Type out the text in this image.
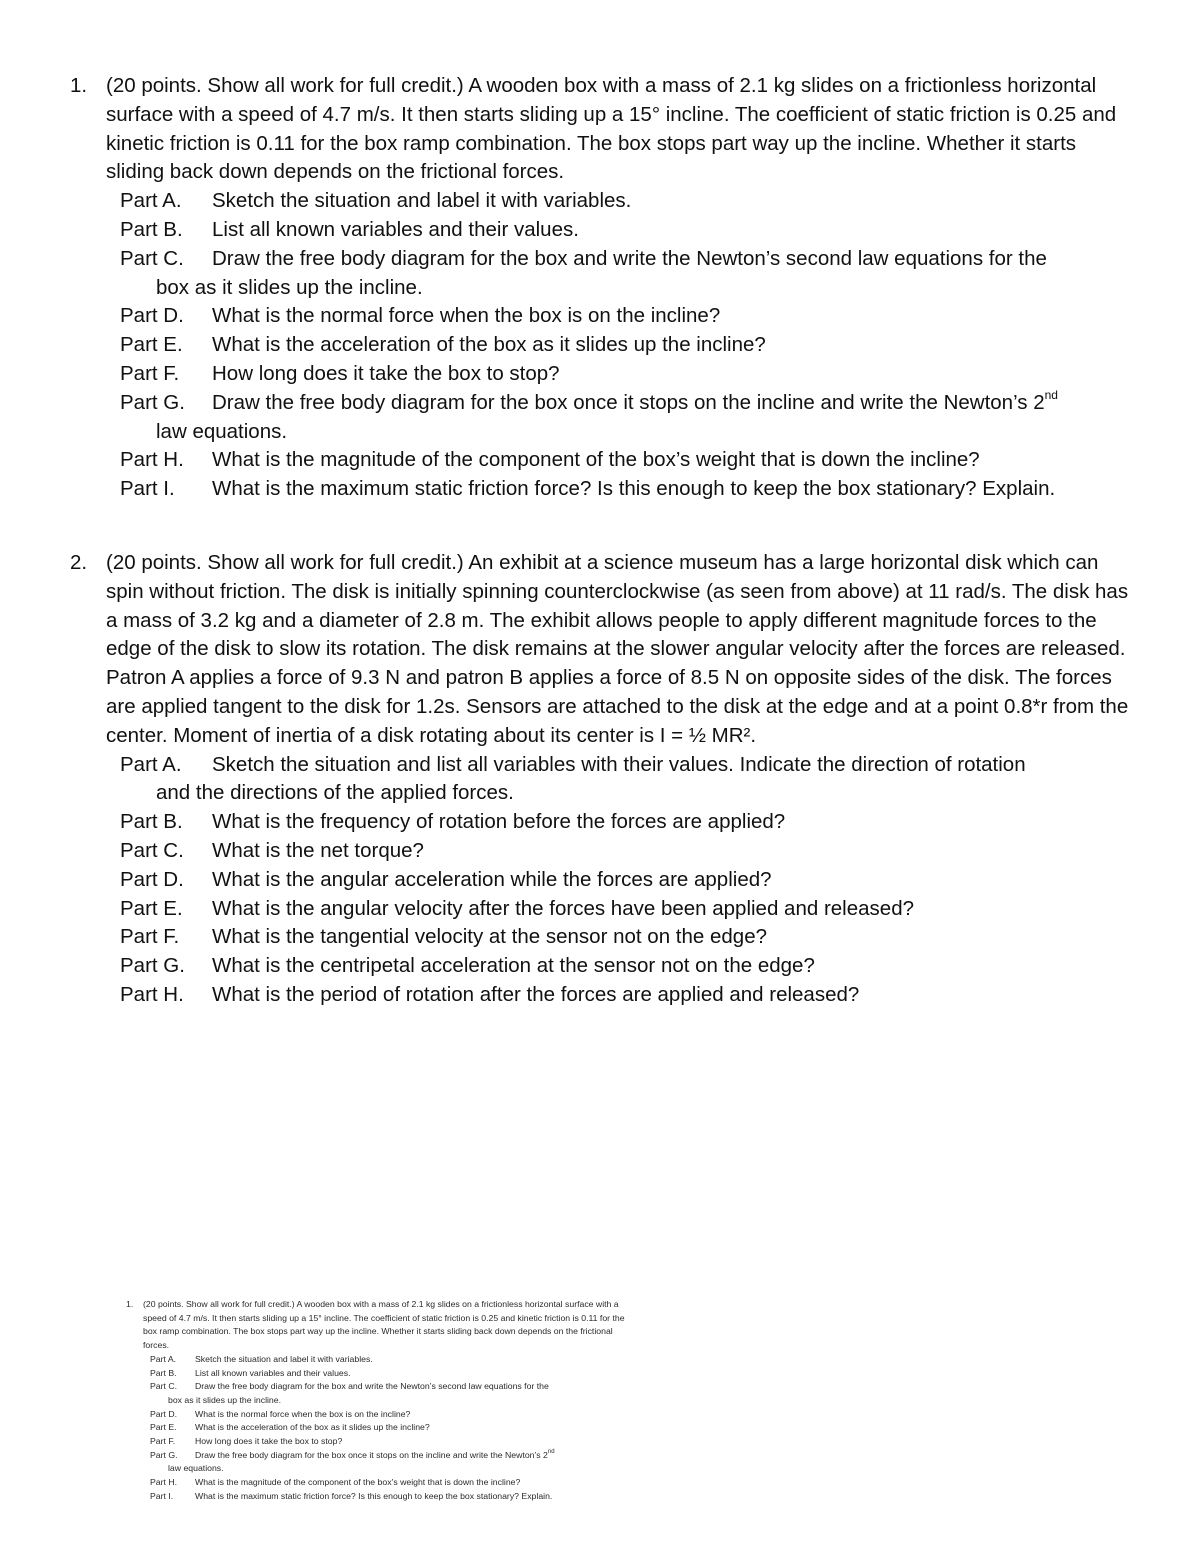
1. (20 points. Show all work for full credit.) A wooden box with a mass of 2.1 kg slides on a frictionless horizontal surface with a speed of 4.7 m/s. It then starts sliding up a 15° incline. The coefficient of static friction is 0.25 and kinetic friction is 0.11 for the box ramp combination. The box stops part way up the incline. Whether it starts sliding back down depends on the frictional forces.
Part A.	Sketch the situation and label it with variables.
Part B.	List all known variables and their values.
Part C.	Draw the free body diagram for the box and write the Newton’s second law equations for the
box as it slides up the incline.
Part D.	What is the normal force when the box is on the incline?
Part E.	What is the acceleration of the box as it slides up the incline?
Part F.	How long does it take the box to stop?
Part G.	Draw the free body diagram for the box once it stops on the incline and write the Newton’s 2nd
law equations.
Part H.	What is the magnitude of the component of the box’s weight that is down the incline?
Part I.	What is the maximum static friction force? Is this enough to keep the box stationary? Explain.
2. (20 points. Show all work for full credit.) An exhibit at a science museum has a large horizontal disk which can spin without friction. The disk is initially spinning counterclockwise (as seen from above) at 11 rad/s. The disk has a mass of 3.2 kg and a diameter of 2.8 m. The exhibit allows people to apply different magnitude forces to the edge of the disk to slow its rotation. The disk remains at the slower angular velocity after the forces are released. Patron A applies a force of 9.3 N and patron B applies a force of 8.5 N on opposite sides of the disk. The forces are applied tangent to the disk for 1.2s. Sensors are attached to the disk at the edge and at a point 0.8*r from the center. Moment of inertia of a disk rotating about its center is I = ½ MR².
Part A.	Sketch the situation and list all variables with their values. Indicate the direction of rotation
and the directions of the applied forces.
Part B.	What is the frequency of rotation before the forces are applied?
Part C.	What is the net torque?
Part D.	What is the angular acceleration while the forces are applied?
Part E.	What is the angular velocity after the forces have been applied and released?
Part F.	What is the tangential velocity at the sensor not on the edge?
Part G.	What is the centripetal acceleration at the sensor not on the edge?
Part H.	What is the period of rotation after the forces are applied and released?
1. (20 points. Show all work for full credit.) A wooden box with a mass of 2.1 kg slides on a frictionless horizontal surface with a speed of 4.7 m/s. It then starts sliding up a 15° incline. The coefficient of static friction is 0.25 and kinetic friction is 0.11 for the box ramp combination. The box stops part way up the incline. Whether it starts sliding back down depends on the frictional forces.
Part A.	Sketch the situation and label it with variables.
Part B.	List all known variables and their values.
Part C.	Draw the free body diagram for the box and write the Newton’s second law equations for the
box as it slides up the incline.
Part D.	What is the normal force when the box is on the incline?
Part E.	What is the acceleration of the box as it slides up the incline?
Part F.	How long does it take the box to stop?
Part G.	Draw the free body diagram for the box once it stops on the incline and write the Newton’s 2nd
law equations.
Part H.	What is the magnitude of the component of the box’s weight that is down the incline?
Part I.	What is the maximum static friction force? Is this enough to keep the box stationary? Explain.
